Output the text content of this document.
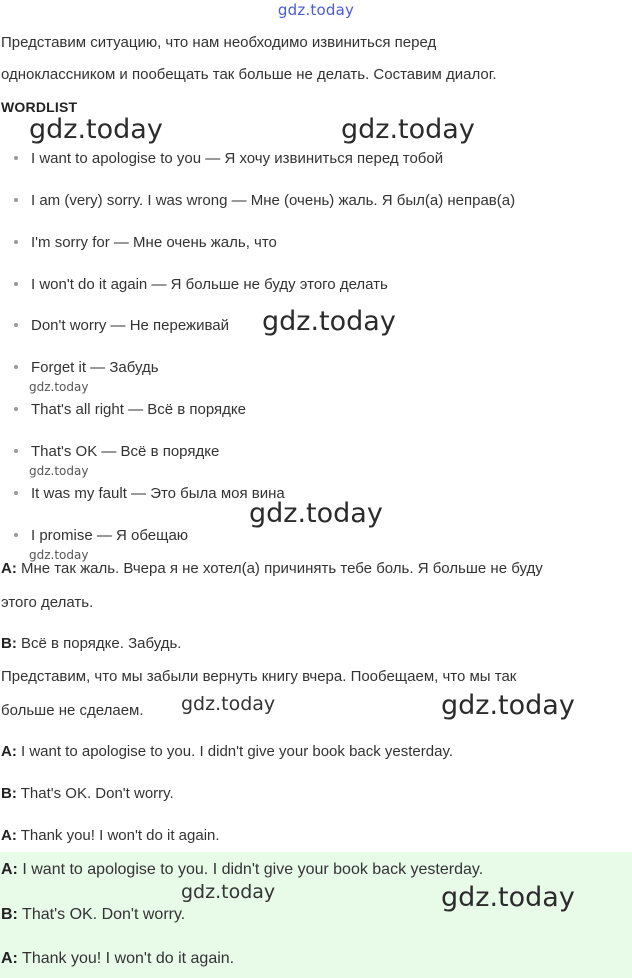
gdz.today
Представим ситуацию, что нам необходимо извиниться перед
одноклассником и пообещать так больше не делать. Составим диалог.
WORDLIST
I want to apologise to you — Я хочу извиниться перед тобой
I am (very) sorry. I was wrong — Мне (очень) жаль. Я был(а) неправ(а)
I'm sorry for — Мне очень жаль, что
I won't do it again — Я больше не буду этого делать
Don't worry — Не переживай
Forget it — Забудь
That's all right — Всё в порядке
That's OK — Всё в порядке
It was my fault — Это была моя вина
I promise — Я обещаю
A: Мне так жаль. Вчера я не хотел(а) причинять тебе боль. Я больше не буду
этого делать.
B: Всё в порядке. Забудь.
Представим, что мы забыли вернуть книгу вчера. Пообещаем, что мы так
больше не сделаем.
A: I want to apologise to you. I didn't give your book back yesterday.
B: That's OK. Don't worry.
A: Thank you! I won't do it again.
A: I want to apologise to you. I didn't give your book back yesterday.
B: That's OK. Don't worry.
A: Thank you! I won't do it again.
gdz.today	gdz.today
gdz.today
gdz.today
gdz.today
gdz.today
gdz.today
gdz.today	gdz.today
gdz.today	gdz.today
